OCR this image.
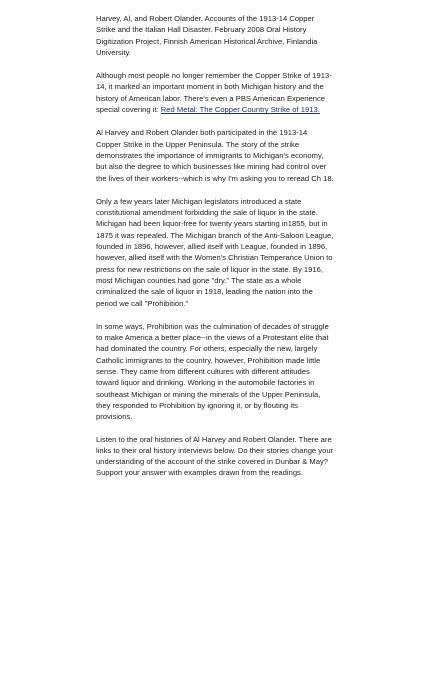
Harvey, Al, and Robert Olander. Accounts of the 1913-14 Copper Strike and the Italian Hall Disaster. February 2008 Oral History Digitization Project, Finnish American Historical Archive, Finlandia University.

Although most people no longer remember the Copper Strike of 1913-14, it marked an important moment in both Michigan history and the history of American labor. There's even a PBS American Experience special covering it: Red Metal: The Copper Country Strike of 1913.

Al Harvey and Robert Olander both participated in the 1913-14 Copper Strike in the Upper Peninsula. The story of the strike demonstrates the importance of immigrants to Michigan's economy, but also the degree to which businesses like mining had control over the lives of their workers--which is why I'm asking you to reread Ch 18.

Only a few years later Michigan legislators introduced a state constitutional amendment forbidding the sale of liquor in the state. Michigan had been liquor-free for twenty years starting in1855, but in 1875 it was repealed. The Michigan branch of the Anti-Saloon League, founded in 1896, however, allied itself with League, founded in 1896, however, allied itself with the Women's Christian Temperance Union to press for new restrictions on the sale of liquor in the state. By 1916, most Michigan counties had gone "dry." The state as a whole criminalized the sale of liquor in 1918, leading the nation into the period we call "Prohibition."

In some ways, Prohibition was the culmination of decades of struggle to make America a better place--in the views of a Protestant elite that had dominated the country. For others, especially the new, largely Catholic immigrants to the country, however, Prohibition made little sense. They came from different cultures with different attitudes toward liquor and drinking. Working in the automobile factories in southeast Michigan or mining the minerals of the Upper Peninsula, they responded to Prohibition by ignoring it, or by flouting its provisions.

Listen to the oral histories of Al Harvey and Robert Olander. There are links to their oral history interviews below. Do their stories change your understanding of the account of the strike covered in Dunbar & May? Support your answer with examples drawn from the readings.
